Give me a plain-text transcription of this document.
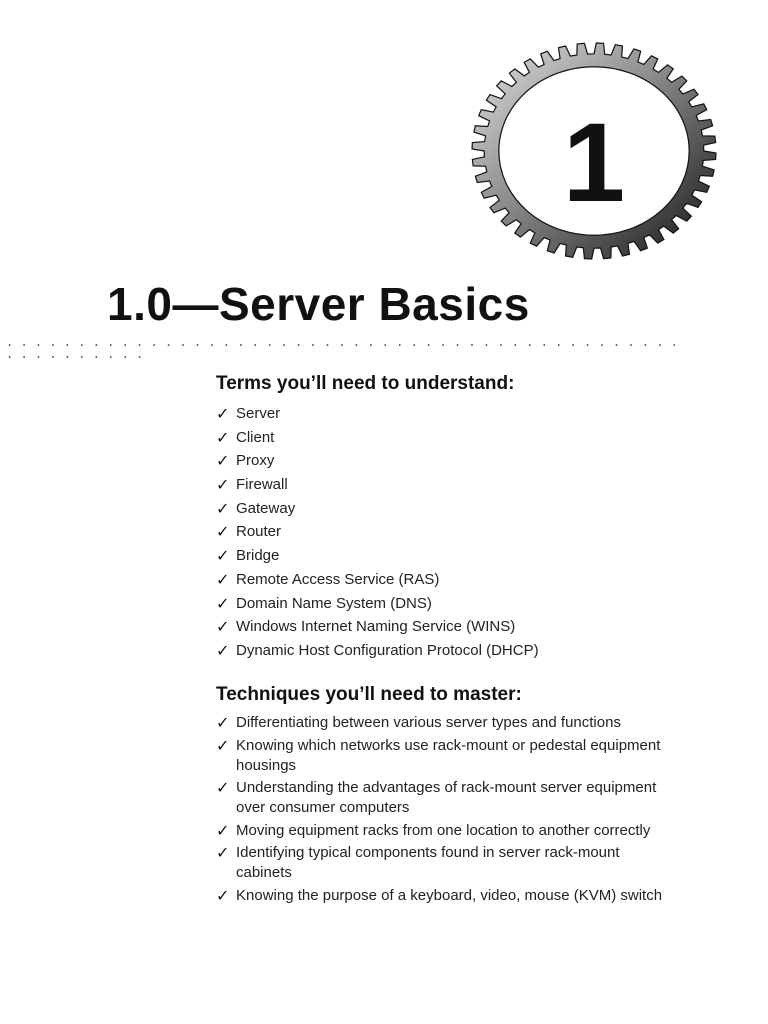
1
1.0—Server Basics
. . . . . . . . . . . . . . . . . . . . . . . . . . . . . . . . . . . . . . . . . . . . . . . . . . . . . . . . .
Terms you’ll need to understand:
✓ Server
✓ Client
✓ Proxy
✓ Firewall
✓ Gateway
✓ Router
✓ Bridge
✓ Remote Access Service (RAS)
✓ Domain Name System (DNS)
✓ Windows Internet Naming Service (WINS)
✓ Dynamic Host Configuration Protocol (DHCP)
Techniques you’ll need to master:
✓ Differentiating between various server types and functions
✓ Knowing which networks use rack-mount or pedestal equipment housings
✓ Understanding the advantages of rack-mount server equipment over consumer computers
✓ Moving equipment racks from one location to another correctly
✓ Identifying typical components found in server rack-mount cabinets
✓ Knowing the purpose of a keyboard, video, mouse (KVM) switch
